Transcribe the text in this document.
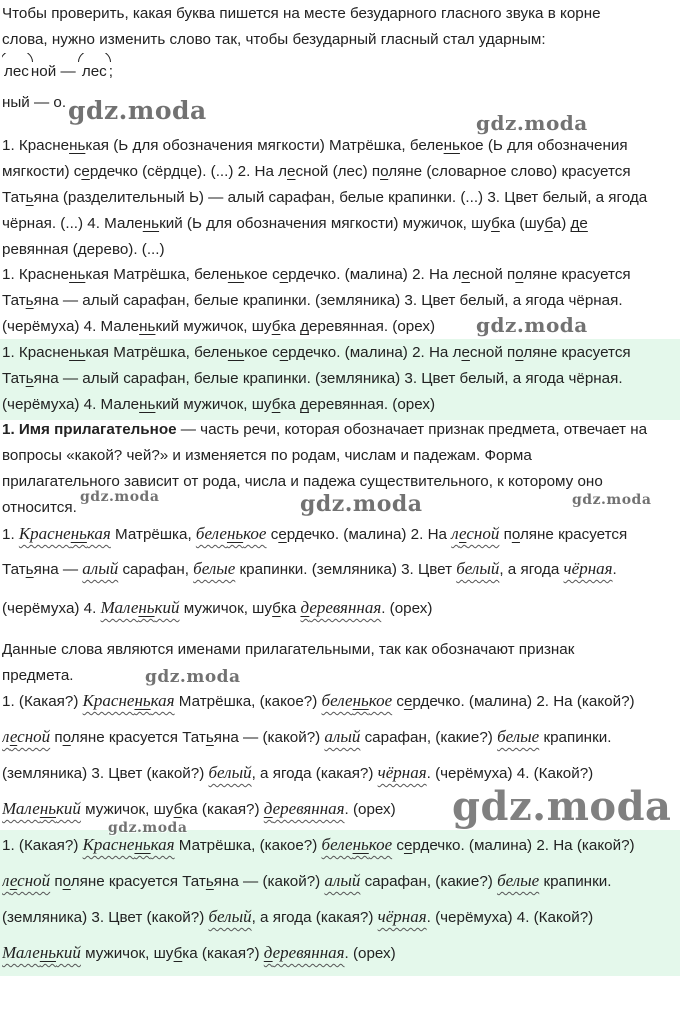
Чтобы проверить, какая буква пишется на месте безударного гласного звука в корне
слова, нужно изменить слово так, чтобы безударный гласный стал ударным:
лес ной — лес ;
ный — о.
1. Красненькая (Ь для обозначения мягкости) Матрёшка, беленькое (Ь для обозначения
мягкости) сердечко (сёрдце). (...) 2. На лесной (лес) поляне (словарное слово) красуется
Татьяна (разделительный Ь) — алый сарафан, белые крапинки. (...) 3. Цвет белый, а ягода
чёрная. (...) 4. Маленький (Ь для обозначения мягкости) мужичок, шубка (шуба) де
ревянная (дерево). (...)
1. Красненькая Матрёшка, беленькое сердечко. (малина) 2. На лесной поляне красуется
Татьяна — алый сарафан, белые крапинки. (земляника) 3. Цвет белый, а ягода чёрная.
(черёмуха) 4. Маленький мужичок, шубка деревянная. (орех)
1. Красненькая Матрёшка, беленькое сердечко. (малина) 2. На лесной поляне красуется
Татьяна — алый сарафан, белые крапинки. (земляника) 3. Цвет белый, а ягода чёрная.
(черёмуха) 4. Маленький мужичок, шубка деревянная. (орех)
1. Имя прилагательное — часть речи, которая обозначает признак предмета, отвечает на
вопросы «какой? чей?» и изменяется по родам, числам и падежам. Форма
прилагательного зависит от рода, числа и падежа существительного, к которому оно
относится.
1. Красненькая Матрёшка, беленькое сердечко. (малина) 2. На лесной поляне красуется
Татьяна — алый сарафан, белые крапинки. (земляника) 3. Цвет белый, а ягода чёрная.
(черёмуха) 4. Маленький мужичок, шубка деревянная. (орех)
Данные слова являются именами прилагательными, так как обозначают признак
предмета.
1. (Какая?) Красненькая Матрёшка, (какое?) беленькое сердечко. (малина) 2. На (какой?)
лесной поляне красуется Татьяна — (какой?) алый сарафан, (какие?) белые крапинки.
(земляника) 3. Цвет (какой?) белый, а ягода (какая?) чёрная. (черёмуха) 4. (Какой?)
Маленький мужичок, шубка (какая?) деревянная. (орех)
1. (Какая?) Красненькая Матрёшка, (какое?) беленькое сердечко. (малина) 2. На (какой?)
лесной поляне красуется Татьяна — (какой?) алый сарафан, (какие?) белые крапинки.
(земляника) 3. Цвет (какой?) белый, а ягода (какая?) чёрная. (черёмуха) 4. (Какой?)
Маленький мужичок, шубка (какая?) деревянная. (орех)
gdz.moda	gdz.moda
gdz.moda
gdz.moda	gdz.moda	gdz.moda
gdz.moda
gdz.moda
gdz.moda
